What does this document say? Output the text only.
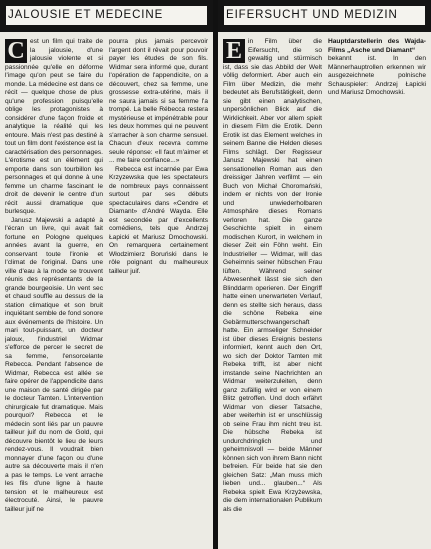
JALOUSIE ET MEDECINE
C est un film qui traite de la jalousie, d'une jalousie violente et si passionnée qu'elle en déforme l'image qu'on peut se faire du monde. La médecine est dans ce récit — quelque chose de plus qu'une profession puisqu'elle oblige les protagonistes à considérer d'une façon froide et analytique la réalité qui les entoure. Mais n'est pas destiné à tout un film dont l'existence est la caractérisation des personnages. L'érotisme est un élément qui emporte dans son tourbillon les personnages et qui donne à une femme un charme fascinant le droit de devenir le centre d'un récit aussi dramatique que burlesque.

Janusz Majewski a adapté à l'écran un livre, qui avait fait fortune en Pologne quelques années avant la guerre, en conservant toute l'ironie et l'climat de l'original. Dans une ville d'eau à la mode se trouvent réunis des représentants de la grande bourgeoisie. Un vent sec et chaud souffle au dessus de la station climatique et son bruit inquiétant semble de fond sonore aux événements de l'histoire. Un mari tout-puissant, un docteur jaloux, l'industriel Widmar s'efforce de percer le secret de sa femme, l'ensorcelante Rebecca. Pendant l'absence de Widmar, Rebecca est allée se faire opérer de l'appendicite dans une maison de santé dirigée par le docteur Tamten. L'intervention chirurgicale fut dramatique. Mais pourquoi? Rebecca et le médecin sont liés par un pauvre tailleur juif du nom de Gold, qui découvre bientôt le lieu de leurs rendez-vous. Il voudrait bien monnayer d'une façon ou d'une autre sa découverte mais il n'en a pas le temps. Le vent arrache les fils d'une ligne à haute tension et le malheureux est électrocuté. Ainsi, le pauvre tailleur juif ne

pourra plus jamais percevoir l'argent dont il rêvait pour pouvoir payer les études de son fils. Widmar sera informé que, durant l'opération de l'appendicite, on a découvert, chez sa femme, une grossesse extra-utérine, mais il ne saura jamais si sa femme l'a trompé. La belle Rébecca restera mystérieuse et impénétrable pour les deux hommes qui ne peuvent s'arracher à son charme sensuel. Chacun d'eux recevra comme seule réponse: «Il faut m'aimer et ... me faire confiance...»

Rebecca est incarnée par Ewa Krzyzewska que les spectateurs de nombreux pays connaissent surtout par ses débuts spectaculaires dans «Cendre et Diamant» d'André Wayda. Elle est secondée par d'excellents comédiens, tels que Andrzej Łapicki et Mariusz Dmochowski. On remarquera certainement Włodzimierz Boruński dans le rôle poignant du malheureux tailleur juif.

EIFERSUCHT UND MEDIZIN
E in Film über die Eifersucht, die so gewaltig und stürmisch ist, dass sie das Abbild der Welt völlig deformiert. Aber auch ein Film über Medizin, die mehr bedeutet als Berufstätigkeit, denn sie gibt einen analytischen, unpersönlichen Blick auf die Wirklichkeit. Aber vor allem spielt in diesem Film die Erotik. Denn Erotik ist das Element welches in seinem Banne die Helden dieses Films schlägt. Der Regisseur Janusz Majewski hat einen sensationellen Roman aus den dreissiger Jahren verfilmt — ein Buch von Michał Choromański, indem er nichts von der Ironie und unwiederholbaren Atmosphäre dieses Romans verloren hat. Die ganze Geschichte spielt in einem modischen Kurort, in welchem in dieser Zeit ein Föhn weht. Ein Industrieller — Widmar, will das Geheimnis seiner hübschen Frau lüften. Während seiner Abwesenheit lässt sie sich den Blinddarm operieren. Der Eingriff hatte einen unerwarteten Verlauf, denn es stellte sich heraus, dass die schöne Rebeka eine Gebärmutterschwangerschaft hatte. Ein armseliger Schneider ist über dieses Ereignis bestens informiert, kennt auch den Ort, wo sich der Doktor Tamten mit Rebeka trifft, ist aber nicht imstande seine Nachrichten an Widmar weiterzuleiten, denn ganz zufällig wird er von einem Blitz getroffen. Und doch erfährt Widmar von dieser Tatsache, aber weiterhin ist er unschlüssig ob seine Frau ihm nicht treu ist. Die hübsche Rebeka ist undurchdringlich und geheimnisvoll — beide Männer können sich von ihrem Bann nicht befreien. Für beide hat sie den gleichen Satz: „Man muss mich lieben und... glauben...“ Als Rebeka spielt Ewa Krzyżewska, die dem internationalen Publikum als die

Hauptdarstellerin des Wajda-Films „Asche und Diamant“

bekannt ist. In den Männerhauptrollen erkennen wir ausgezeichnete polnische Schauspieler: Andrzej Łapicki und Mariusz Dmochowski.
